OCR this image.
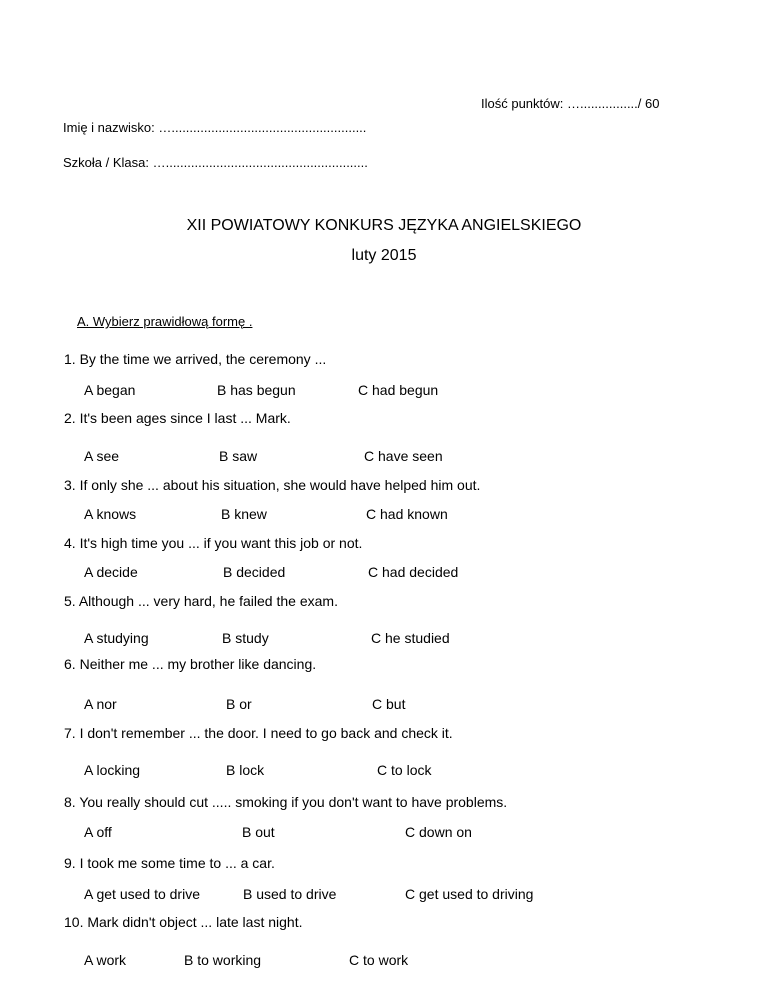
Ilość punktów: …................/ 60
Imię i nazwisko: …......................................................
Szkoła / Klasa: …........................................................
XII POWIATOWY KONKURS JĘZYKA ANGIELSKIEGO
luty 2015
A. Wybierz prawidłową formę .
1. By the time we arrived, the ceremony ...
A began	B has begun	C had begun
2. It's been ages since I last ... Mark.
A see	B saw	C have seen
3. If only she ... about his situation, she would have helped him out.
A knows	B knew	C had known
4. It's high time you ... if you want this job or not.
A decide	B decided	C had decided
5. Although ... very hard, he failed the exam.
A studying	B study	C he studied
6. Neither me ... my brother like dancing.
A nor	B or	C but
7. I don't remember ... the door. I need to go back and check it.
A locking	B lock	C to lock
8. You really should cut ..... smoking if you don't want to have problems.
A off	B out	C down on
9. I took me some time to ... a car.
A get used to drive	B used to drive	C get used to driving
10. Mark didn't object ... late last night.
A work	B to working	C to work
